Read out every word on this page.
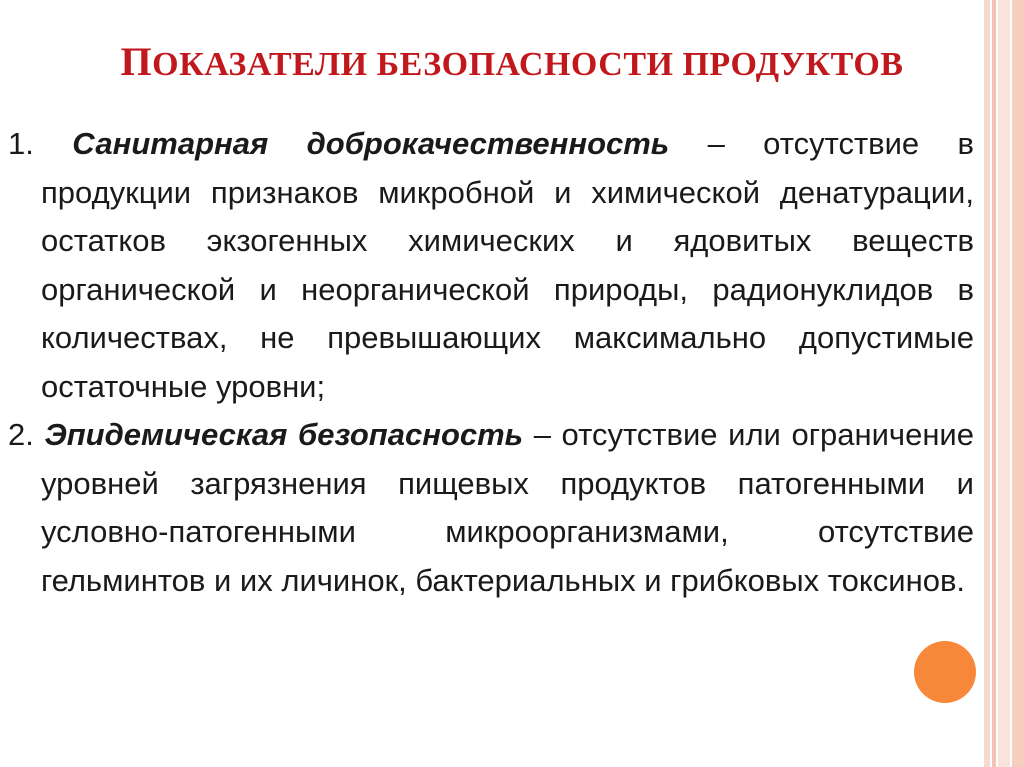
ПОКАЗАТЕЛИ БЕЗОПАСНОСТИ ПРОДУКТОВ

1. Санитарная доброкачественность – отсутствие в продукции признаков микробной и химической денатурации, остатков экзогенных химических и ядовитых веществ органической и неорганической природы, радионуклидов в количествах, не превышающих максимально допустимые остаточные уровни;

2. Эпидемическая безопасность – отсутствие или ограничение уровней загрязнения пищевых продуктов патогенными и условно-патогенными микроорганизмами, отсутствие гельминтов и их личинок, бактериальных и грибковых токсинов.
